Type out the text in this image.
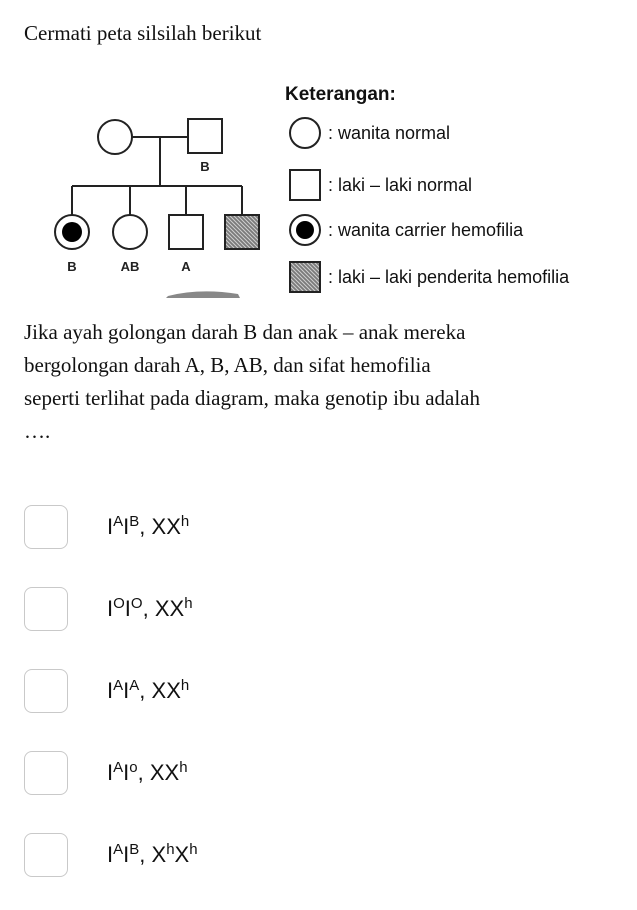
Cermati peta silsilah berikut
B
B	AB	A
Keterangan:
: wanita normal
: laki – laki normal
: wanita carrier hemofilia
: laki – laki penderita hemofilia
Jika ayah golongan darah B dan anak – anak mereka
bergolongan darah A, B, AB, dan sifat hemofilia
seperti terlihat pada diagram, maka genotip ibu adalah
….
$I^AI^B$, $XX^h$
$I^OI^O$, $XX^h$
$I^AI^A$, $XX^h$
$I^AI^o$, $XX^h$
$I^AI^B$, $X^hX^h$
